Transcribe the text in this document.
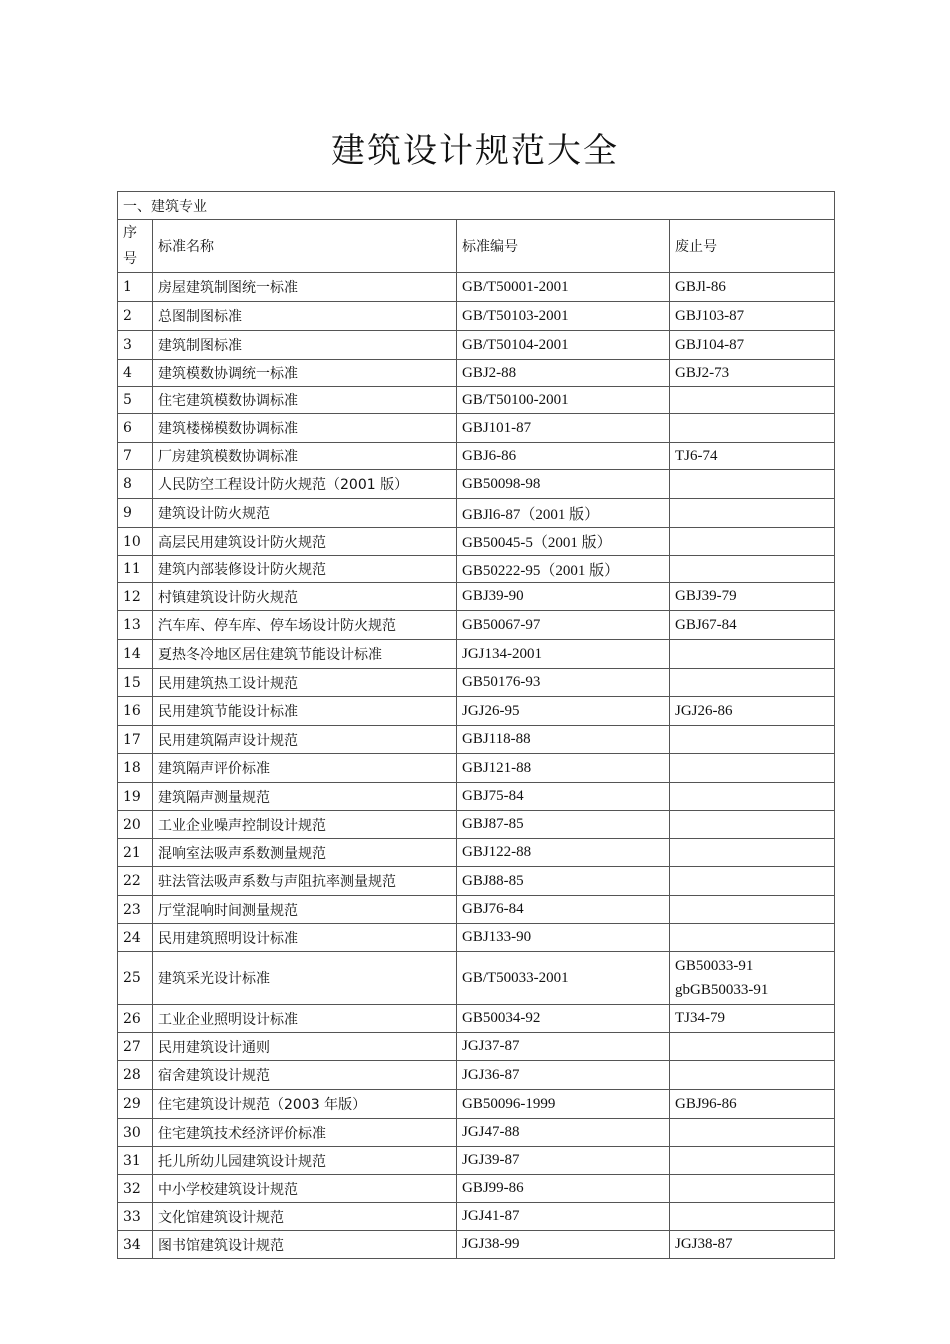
建筑设计规范大全
一、建筑专业			
序号	标准名称	标准编号	废止号
1	房屋建筑制图统一标准	GB/T50001-2001	GBJl-86
2	总图制图标准	GB/T50103-2001	GBJ103-87
3	建筑制图标准	GB/T50104-2001	GBJ104-87
4	建筑模数协调统一标准	GBJ2-88	GBJ2-73
5	住宅建筑模数协调标准	GB/T50100-2001	
6	建筑楼梯模数协调标准	GBJ101-87	
7	厂房建筑模数协调标准	GBJ6-86	TJ6-74
8	人民防空工程设计防火规范（2001 版）	GB50098-98	
9	建筑设计防火规范	GBJl6-87（2001 版）	
10	高层民用建筑设计防火规范	GB50045-5（2001 版）	
11	建筑内部装修设计防火规范	GB50222-95（2001 版）	
12	村镇建筑设计防火规范	GBJ39-90	GBJ39-79
13	汽车库、停车库、停车场设计防火规范	GB50067-97	GBJ67-84
14	夏热冬冷地区居住建筑节能设计标准	JGJ134-2001	
15	民用建筑热工设计规范	GB50176-93	
16	民用建筑节能设计标准	JGJ26-95	JGJ26-86
17	民用建筑隔声设计规范	GBJ118-88	
18	建筑隔声评价标准	GBJ121-88	
19	建筑隔声测量规范	GBJ75-84	
20	工业企业噪声控制设计规范	GBJ87-85	
21	混响室法吸声系数测量规范	GBJ122-88	
22	驻法管法吸声系数与声阻抗率测量规范	GBJ88-85	
23	厅堂混响时间测量规范	GBJ76-84	
24	民用建筑照明设计标准	GBJ133-90	
25	建筑采光设计标准	GB/T50033-2001	GB50033-91
gbGB50033-91

26	工业企业照明设计标准	GB50034-92	TJ34-79
27	民用建筑设计通则	JGJ37-87	
28	宿舍建筑设计规范	JGJ36-87	
29	住宅建筑设计规范（2003 年版）	GB50096-1999	GBJ96-86
30	住宅建筑技术经济评价标准	JGJ47-88	
31	托儿所幼儿园建筑设计规范	JGJ39-87	
32	中小学校建筑设计规范	GBJ99-86	
33	文化馆建筑设计规范	JGJ41-87	
34	图书馆建筑设计规范	JGJ38-99	JGJ38-87
